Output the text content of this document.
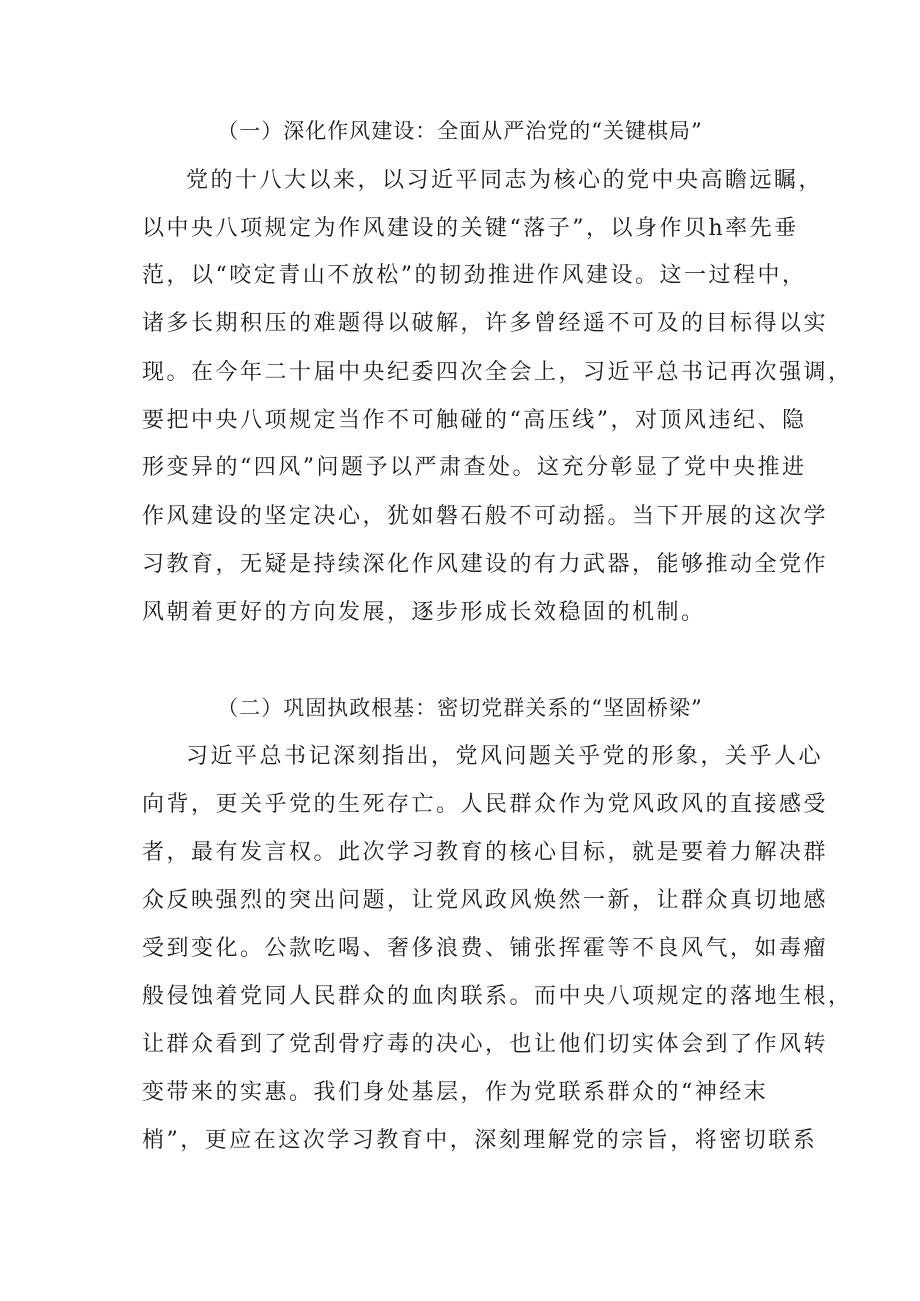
（一）深化作风建设：全面从严治党的“关键棋局”
党的十八大以来，以习近平同志为核心的党中央高瞻远瞩，
以中央八项规定为作风建设的关键“落子”，以身作贝h率先垂
范，以“咬定青山不放松”的韧劲推进作风建设。这一过程中，
诸多长期积压的难题得以破解，许多曾经遥不可及的目标得以实
现。在今年二十届中央纪委四次全会上，习近平总书记再次强调，
要把中央八项规定当作不可触碰的“高压线”，对顶风违纪、隐
形变异的“四风”问题予以严肃查处。这充分彰显了党中央推进
作风建设的坚定决心，犹如磐石般不可动摇。当下开展的这次学
习教育，无疑是持续深化作风建设的有力武器，能够推动全党作
风朝着更好的方向发展，逐步形成长效稳固的机制。
（二）巩固执政根基：密切党群关系的“坚固桥梁”
习近平总书记深刻指出，党风问题关乎党的形象，关乎人心
向背，更关乎党的生死存亡。人民群众作为党风政风的直接感受
者，最有发言权。此次学习教育的核心目标，就是要着力解决群
众反映强烈的突出问题，让党风政风焕然一新，让群众真切地感
受到变化。公款吃喝、奢侈浪费、铺张挥霍等不良风气，如毒瘤
般侵蚀着党同人民群众的血肉联系。而中央八项规定的落地生根，
让群众看到了党刮骨疗毒的决心，也让他们切实体会到了作风转
变带来的实惠。我们身处基层，作为党联系群众的“神经末
梢”，更应在这次学习教育中，深刻理解党的宗旨，将密切联系
